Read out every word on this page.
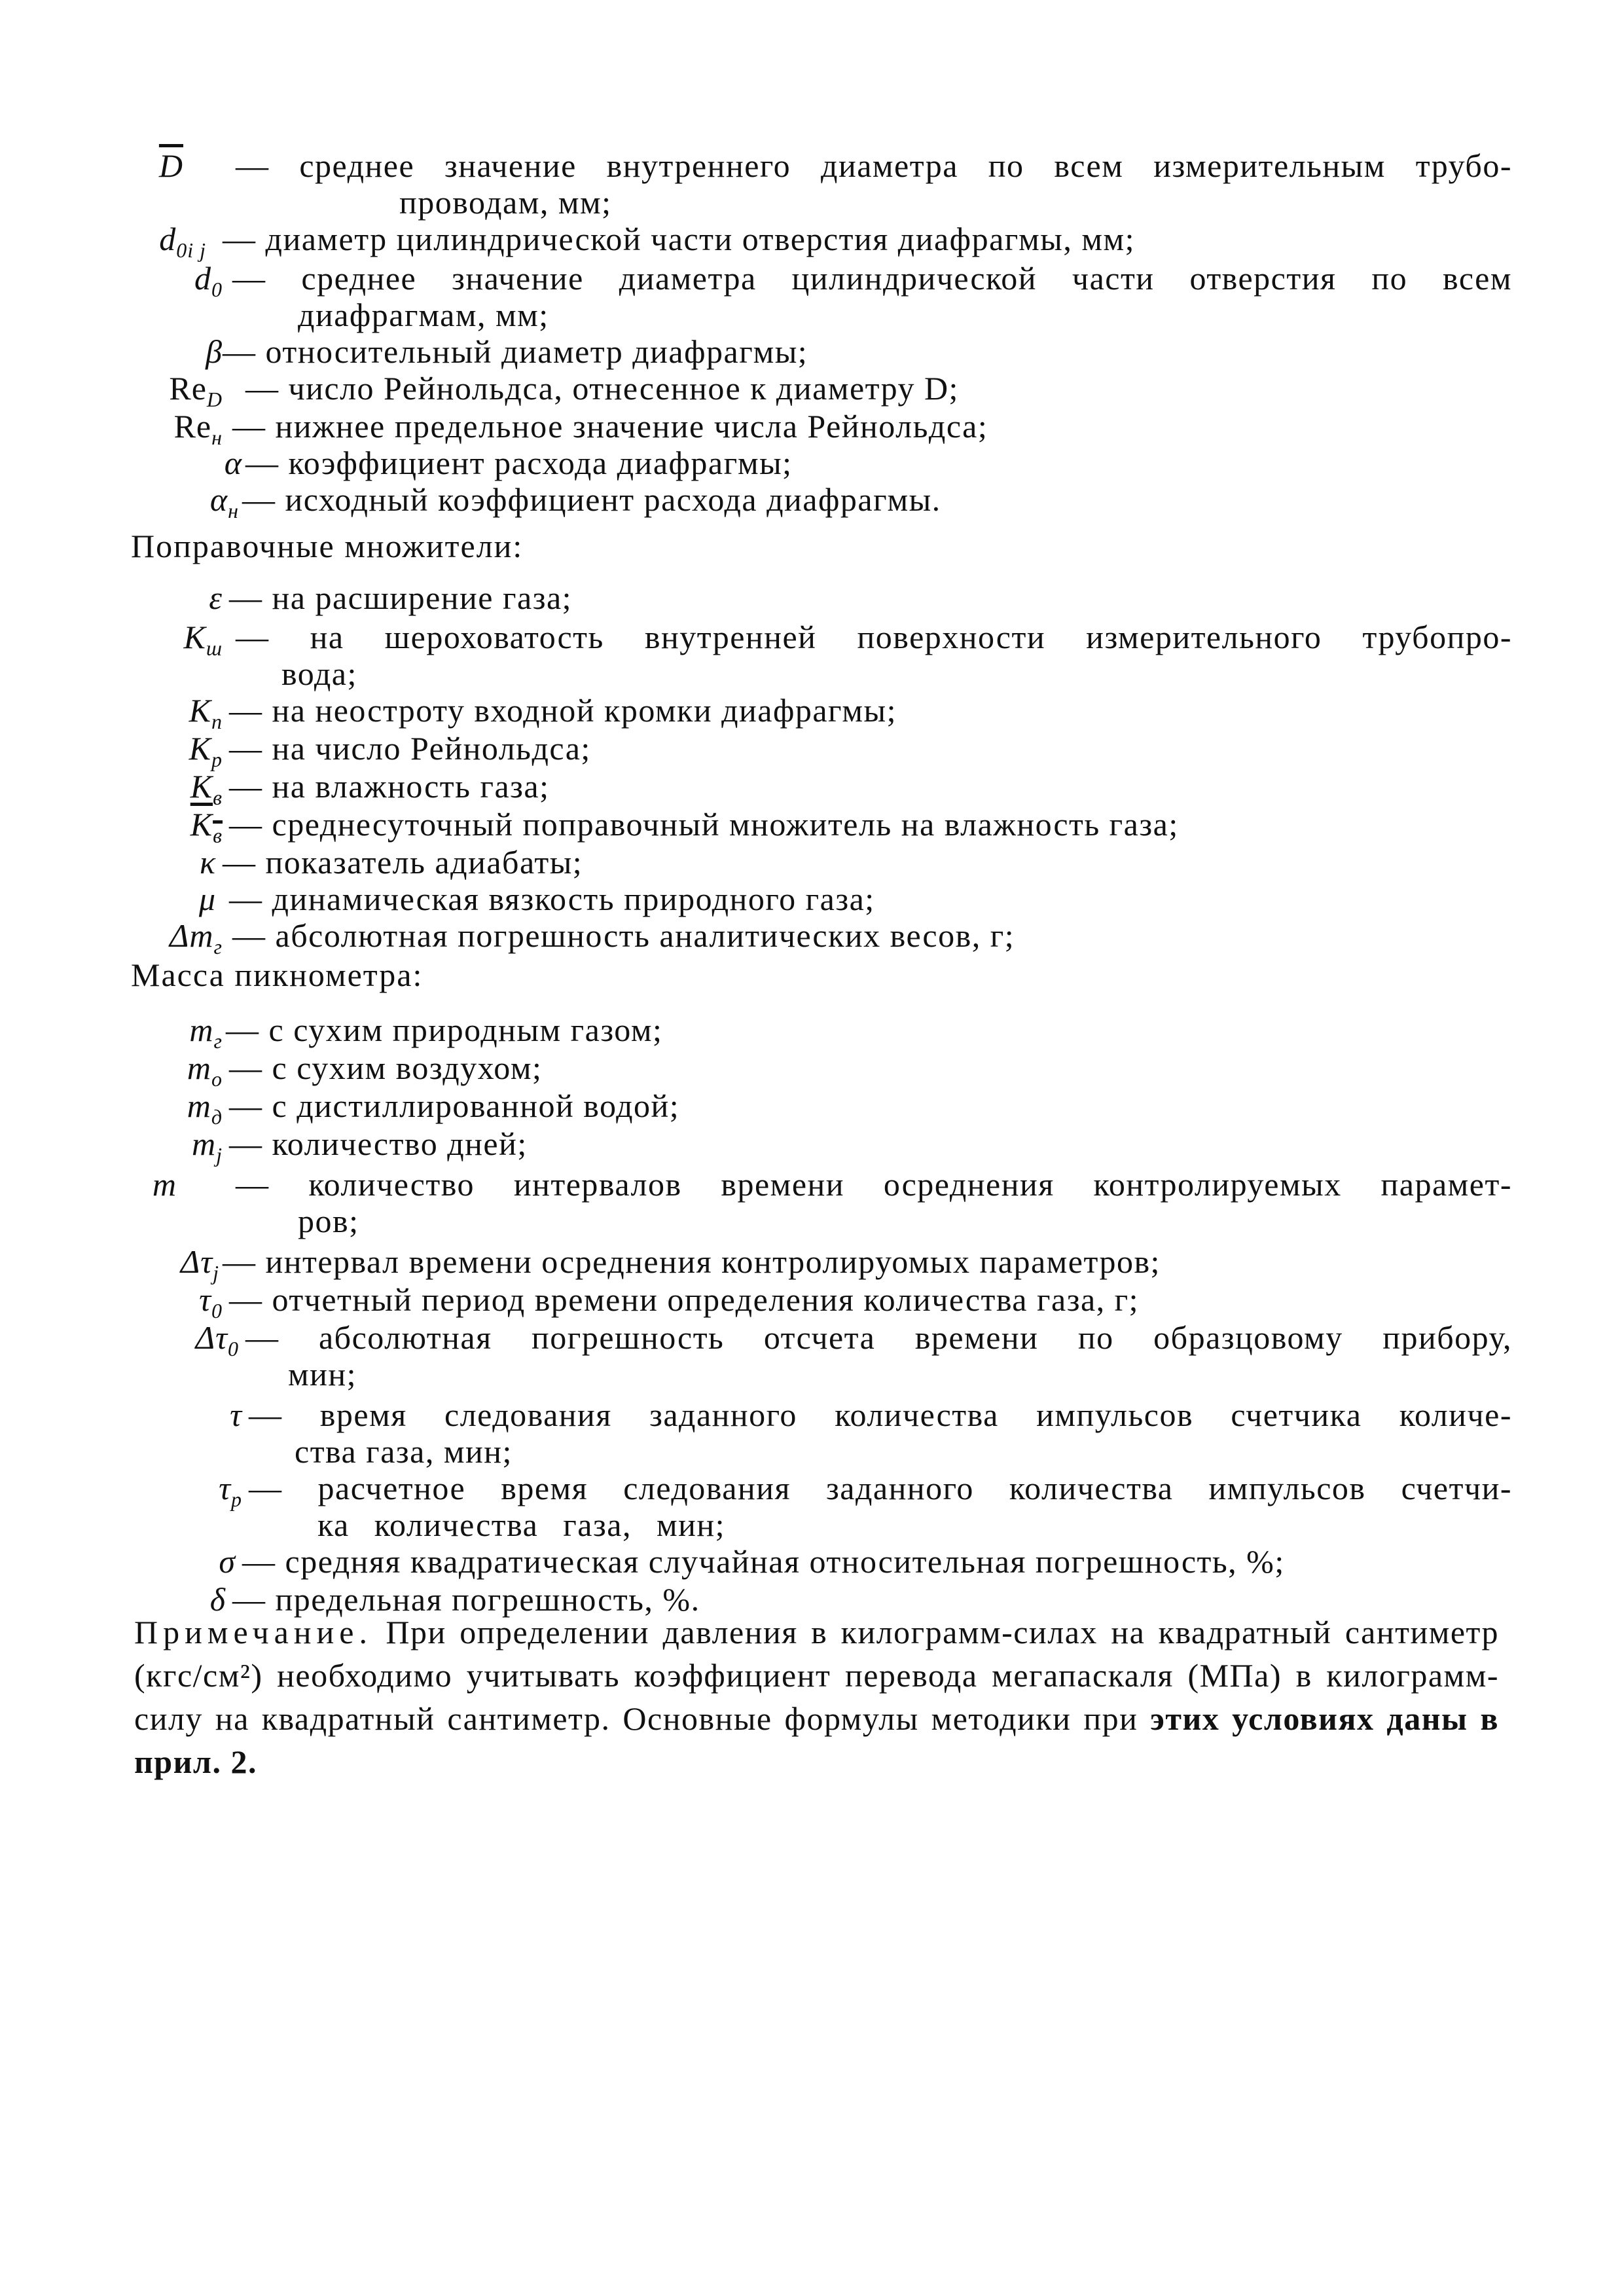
$\overline{D}$ — среднее значение внутреннего диаметра по всем измерительным трубо-
проводам, мм;
$d_{0i j}$ — диаметр цилиндрической части отверстия диафрагмы, мм;
$d_0$ — среднее значение диаметра цилиндрической части отверстия по всем
диафрагмам, мм;
β — относительный диаметр диафрагмы;
$Re_D$ — число Рейнольдса, отнесенное к диаметру D;
$Re_н$ — нижнее предельное значение числа Рейнольдса;
α — коэффициент расхода диафрагмы;
$\alpha_н$ — исходный коэффициент расхода диафрагмы.
Поправочные множители:
ε — на расширение газа;
$K_ш$ — на шероховатость внутренней поверхности измерительного трубопро-
вода;
$K_п$ — на неостроту входной кромки диафрагмы;
$K_р$ — на число Рейнольдса;
$K_в$ — на влажность газа;
$K_в$ — среднесуточный поправочный множитель на влажность газа;
κ — показатель адиабаты;
μ — динамическая вязкость природного газа;
$\Delta m_г$ — абсолютная погрешность аналитических весов, г;
Масса пикнометра:
$m_г$ — с сухим природным газом;
$m_о$ — с сухим воздухом;
$m_д$ — с дистиллированной водой;
$m_j$ — количество дней;
m — количество интервалов времени осреднения контролируемых парамет-
ров;
$\Delta\tau_j$ — интервал времени осреднения контролируомых параметров;
$\tau_0$ — отчетный период времени определения количества газа, г;
$\Delta\tau_0$ — абсолютная погрешность отсчета времени по образцовому прибору,
мин;
τ — время следования заданного количества импульсов счетчика количе-
ства газа, мин;
$\tau_р$ — расчетное время следования заданного количества импульсов счетчи-
ка количества газа, мин;
σ — средняя квадратическая случайная относительная погрешность, %;
δ — предельная погрешность, %.
Примечание. При определении давления в килограмм-силах на квадратный сантиметр (кгс/см²) необходимо учитывать коэффициент перевода мегапаскаля (МПа) в килограмм-силу на квадратный сантиметр. Основные формулы методики при этих условиях даны в прил. 2.
